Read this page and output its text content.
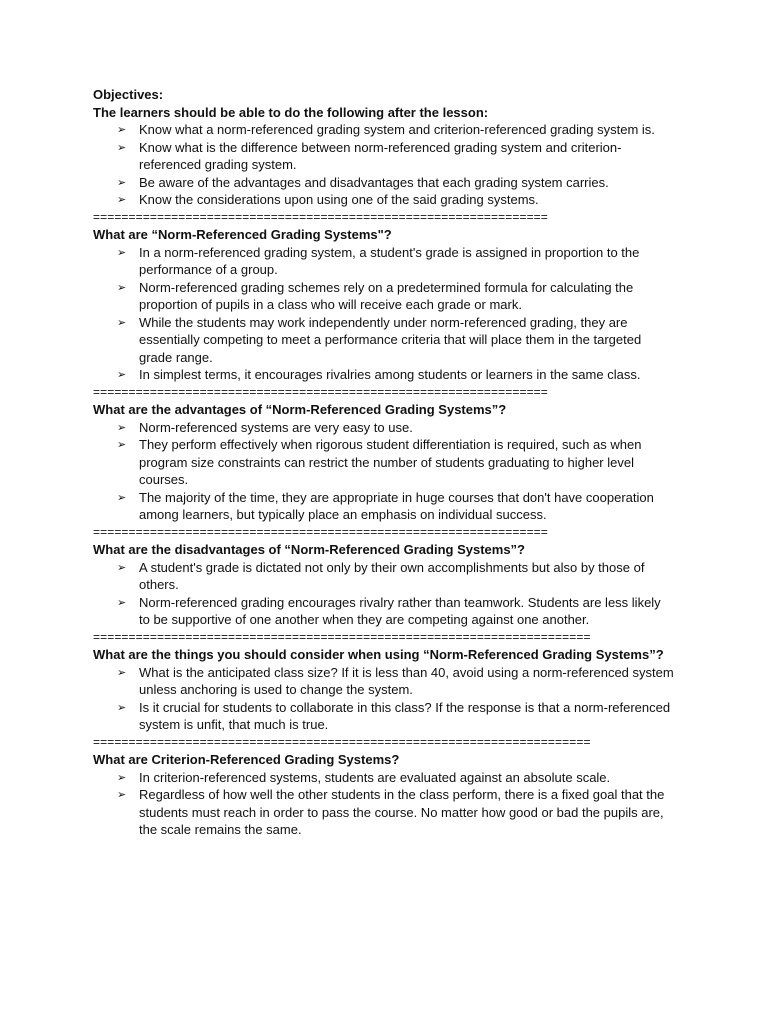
Objectives:

The learners should be able to do the following after the lesson:

➢ Know what a norm-referenced grading system and criterion-referenced grading system is.
➢ Know what is the difference between norm-referenced grading system and criterion-referenced grading system.
➢ Be aware of the advantages and disadvantages that each grading system carries.
➢ Know the considerations upon using one of the said grading systems.
================================================================

What are “Norm-Referenced Grading Systems"?

➢ In a norm-referenced grading system, a student's grade is assigned in proportion to the performance of a group.
➢ Norm-referenced grading schemes rely on a predetermined formula for calculating the proportion of pupils in a class who will receive each grade or mark.
➢ While the students may work independently under norm-referenced grading, they are essentially competing to meet a performance criteria that will place them in the targeted grade range.
➢ In simplest terms, it encourages rivalries among students or learners in the same class.
================================================================

What are the advantages of “Norm-Referenced Grading Systems”?

➢ Norm-referenced systems are very easy to use.
➢ They perform effectively when rigorous student differentiation is required, such as when program size constraints can restrict the number of students graduating to higher level courses.
➢ The majority of the time, they are appropriate in huge courses that don't have cooperation among learners, but typically place an emphasis on individual success.
================================================================

What are the disadvantages of “Norm-Referenced Grading Systems”?

➢ A student's grade is dictated not only by their own accomplishments but also by those of others.
➢ Norm-referenced grading encourages rivalry rather than teamwork. Students are less likely to be supportive of one another when they are competing against one another.
======================================================================

What are the things you should consider when using “Norm-Referenced Grading Systems”?

➢ What is the anticipated class size? If it is less than 40, avoid using a norm-referenced system unless anchoring is used to change the system.
➢ Is it crucial for students to collaborate in this class? If the response is that a norm-referenced system is unfit, that much is true.
======================================================================

What are Criterion-Referenced Grading Systems?

➢ In criterion-referenced systems, students are evaluated against an absolute scale.
➢ Regardless of how well the other students in the class perform, there is a fixed goal that the students must reach in order to pass the course. No matter how good or bad the pupils are, the scale remains the same.
